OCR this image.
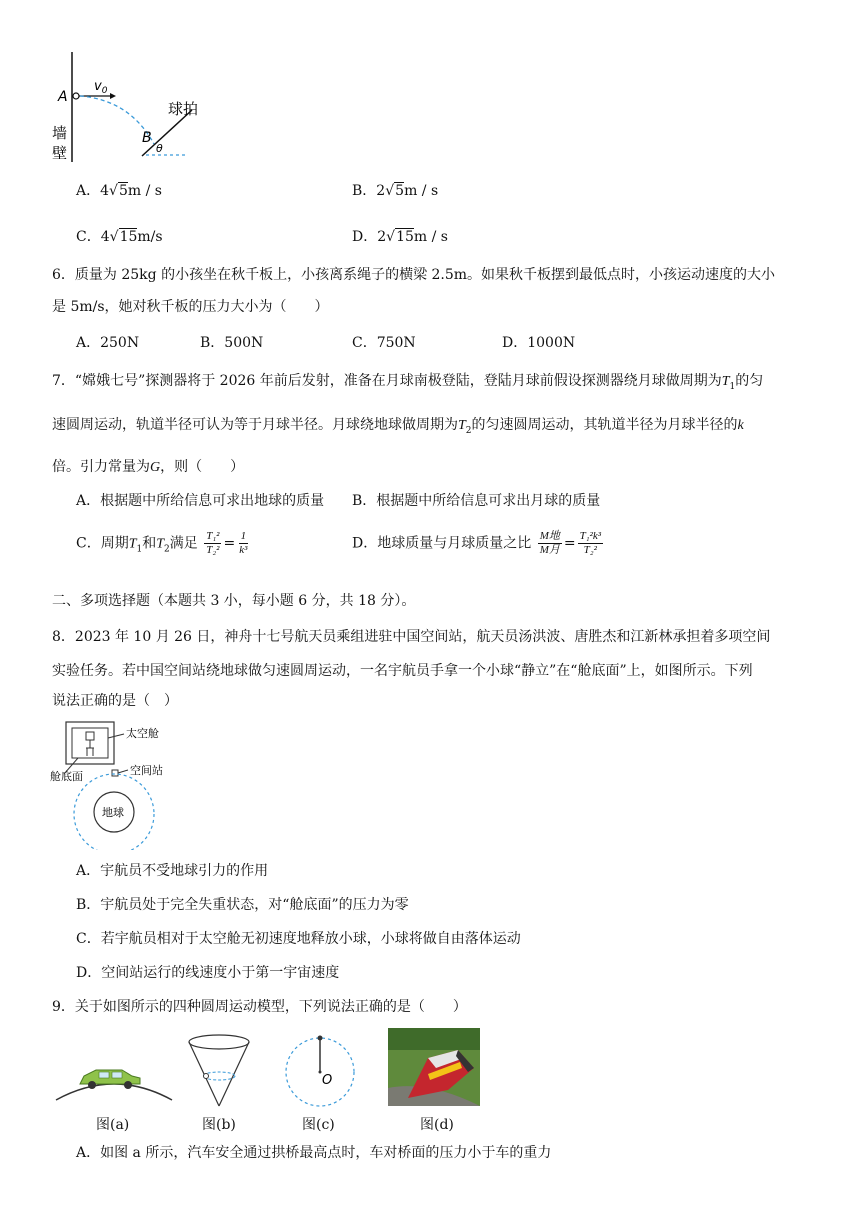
A
$v_0$
B
θ
球拍
墙
壁
A．4√5m / s	B．2√5m / s
C．4√15m/s	D．2√15m / s
6．质量为 25kg 的小孩坐在秋千板上，小孩离系绳子的横梁 2.5m。如果秋千板摆到最低点时，小孩运动速度的大小
是 5m/s，她对秋千板的压力大小为（　　）
A．250N	B．500N	C．750N	D．1000N
7．“嫦娥七号”探测器将于 2026 年前后发射，准备在月球南极登陆，登陆月球前假设探测器绕月球做周期为$T_1$的匀
速圆周运动，轨道半径可认为等于月球半径。月球绕地球做周期为$T_2$的匀速圆周运动，其轨道半径为月球半径的k
倍。引力常量为G，则（　　）
A．根据题中所给信息可求出地球的质量 B．根据题中所给信息可求出月球的质量
C．周期$T_1$和$T_2$满足 $\frac{\text{T₁²}}{\text{T₂²}} = \frac{1}{\text{k³}}$	D．地球质量与月球质量之比 $\frac{\text{M地}}{\text{M月}} = \frac{\text{T₁²k³}}{\text{T₂²}}$
二、多项选择题（本题共 3 小，每小题 6 分，共 18 分）。
8．2023 年 10 月 26 日，神舟十七号航天员乘组进驻中国空间站，航天员汤洪波、唐胜杰和江新林承担着多项空间
实验任务。若中国空间站绕地球做匀速圆周运动，一名宇航员手拿一个小球“静立”在“舱底面”上，如图所示。下列
说法正确的是（　）
太空舱
舱底面	空间站
地球
A．宇航员不受地球引力的作用
B．宇航员处于完全失重状态，对“舱底面”的压力为零
C．若宇航员相对于太空舱无初速度地释放小球，小球将做自由落体运动
D．空间站运行的线速度小于第一宇宙速度
9．关于如图所示的四种圆周运动模型，下列说法正确的是（　　）
O
图(a)	图(b)	图(c)	图(d)
A．如图 a 所示，汽车安全通过拱桥最高点时，车对桥面的压力小于车的重力
